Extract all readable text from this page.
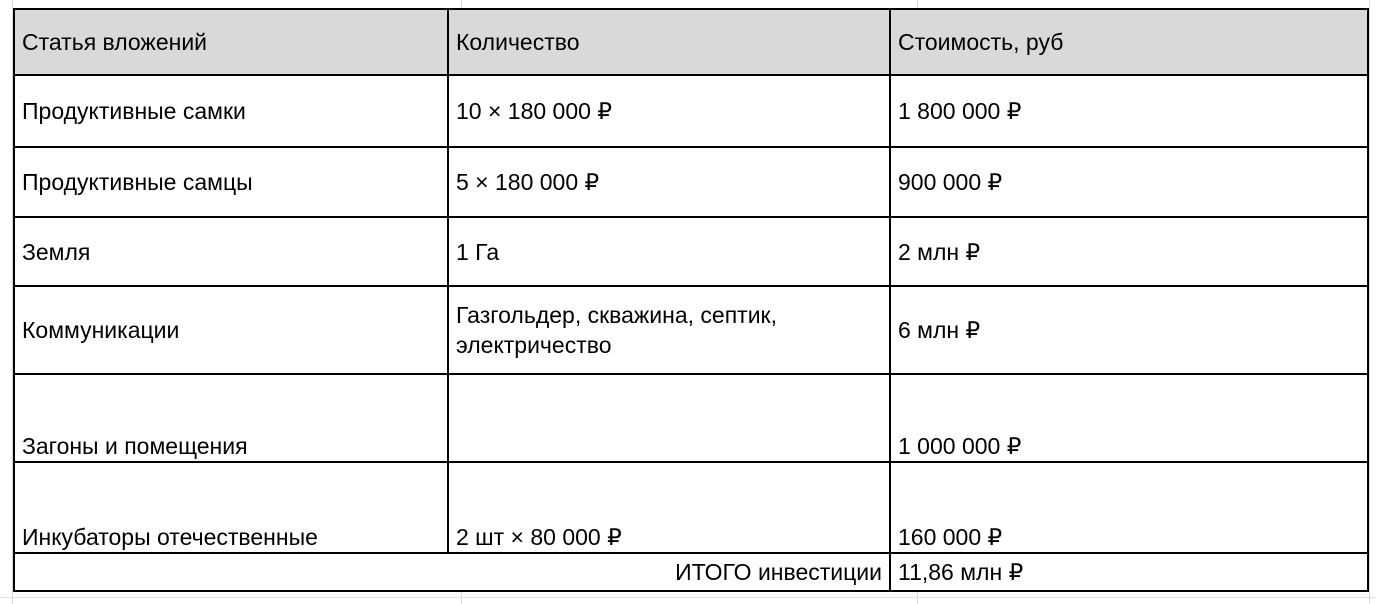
Статья вложений	Количество	Стоимость, руб
Продуктивные самки	10 × 180 000 ₽	1 800 000 ₽
Продуктивные самцы	5 × 180 000 ₽	900 000 ₽
Земля	1 Га	2 млн ₽
Коммуникации	Газгольдер, скважина, септик, электричество	6 млн ₽
Загоны и помещения		1 000 000 ₽
Инкубаторы отечественные	2 шт × 80 000 ₽	160 000 ₽
ИТОГО инвестиции		11,86 млн ₽
